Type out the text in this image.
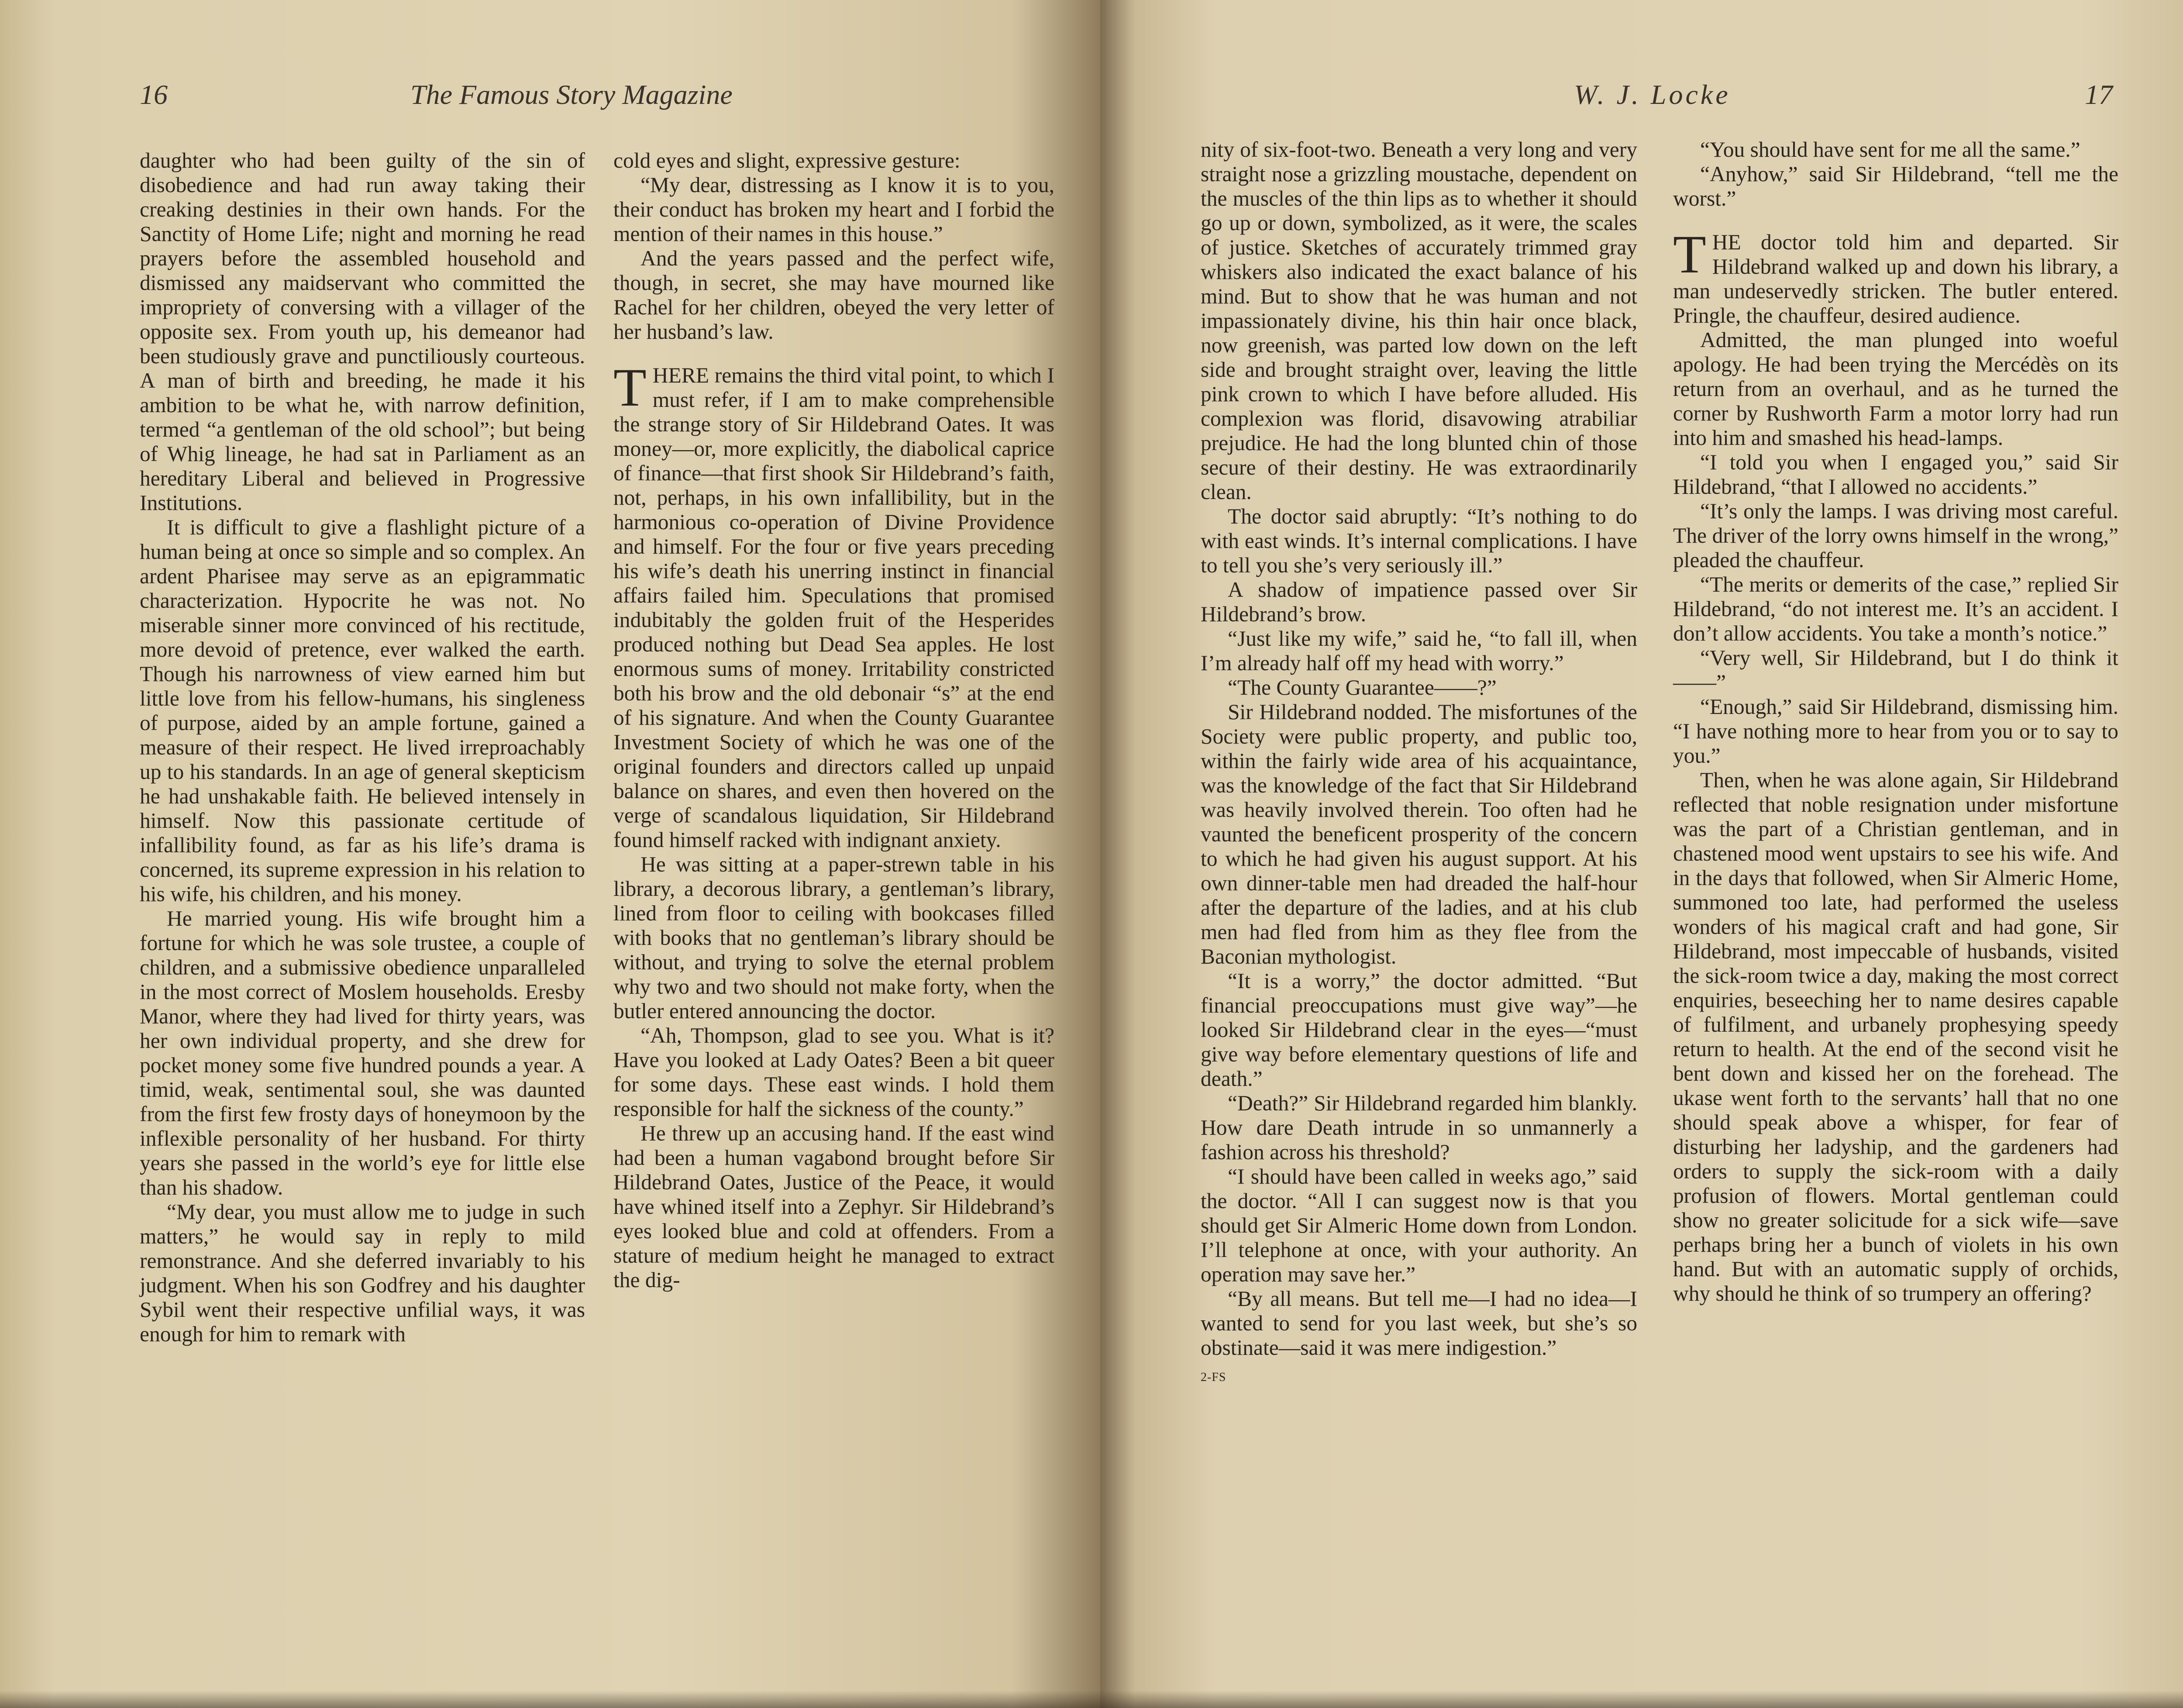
16	The Famous Story Magazine

daughter who had been guilty of the sin of disobedience and had run away taking their creaking destinies in their own hands. For the Sanctity of Home Life; night and morning he read prayers before the assembled household and dismissed any maidservant who committed the impropriety of conversing with a villager of the opposite sex. From youth up, his demeanor had been studiously grave and punctiliously courteous. A man of birth and breeding, he made it his ambition to be what he, with narrow definition, termed “a gentleman of the old school”; but being of Whig lineage, he had sat in Parliament as an hereditary Liberal and believed in Progressive Institutions.

It is difficult to give a flashlight picture of a human being at once so simple and so complex. An ardent Pharisee may serve as an epigrammatic characterization. Hypocrite he was not. No miserable sinner more convinced of his rectitude, more devoid of pretence, ever walked the earth. Though his narrowness of view earned him but little love from his fellow-humans, his singleness of purpose, aided by an ample fortune, gained a measure of their respect. He lived irreproachably up to his standards. In an age of general skepticism he had unshakable faith. He believed intensely in himself. Now this passionate certitude of infallibility found, as far as his life’s drama is concerned, its supreme expression in his relation to his wife, his children, and his money.

He married young. His wife brought him a fortune for which he was sole trustee, a couple of children, and a submissive obedience unparalleled in the most correct of Moslem households. Eresby Manor, where they had lived for thirty years, was her own individual property, and she drew for pocket money some five hundred pounds a year. A timid, weak, sentimental soul, she was daunted from the first few frosty days of honeymoon by the inflexible personality of her husband. For thirty years she passed in the world’s eye for little else than his shadow.

“My dear, you must allow me to judge in such matters,” he would say in reply to mild remonstrance. And she deferred invariably to his judgment. When his son Godfrey and his daughter Sybil went their respective unfilial ways, it was enough for him to remark with

cold eyes and slight, expressive gesture:

“My dear, distressing as I know it is to you, their conduct has broken my heart and I forbid the mention of their names in this house.”

And the years passed and the perfect wife, though, in secret, she may have mourned like Rachel for her children, obeyed the very letter of her husband’s law.

THERE remains the third vital point, to which I must refer, if I am to make comprehensible the strange story of Sir Hildebrand Oates. It was money—or, more explicitly, the diabolical caprice of finance—that first shook Sir Hildebrand’s faith, not, perhaps, in his own infallibility, but in the harmonious co-operation of Divine Providence and himself. For the four or five years preceding his wife’s death his unerring instinct in financial affairs failed him. Speculations that promised indubitably the golden fruit of the Hesperides produced nothing but Dead Sea apples. He lost enormous sums of money. Irritability constricted both his brow and the old debonair “s” at the end of his signature. And when the County Guarantee Investment Society of which he was one of the original founders and directors called up unpaid balance on shares, and even then hovered on the verge of scandalous liquidation, Sir Hildebrand found himself racked with indignant anxiety.

He was sitting at a paper-strewn table in his library, a decorous library, a gentleman’s library, lined from floor to ceiling with bookcases filled with books that no gentleman’s library should be without, and trying to solve the eternal problem why two and two should not make forty, when the butler entered announcing the doctor.

“Ah, Thompson, glad to see you. What is it? Have you looked at Lady Oates? Been a bit queer for some days. These east winds. I hold them responsible for half the sickness of the county.”

He threw up an accusing hand. If the east wind had been a human vagabond brought before Sir Hildebrand Oates, Justice of the Peace, it would have whined itself into a Zephyr. Sir Hildebrand’s eyes looked blue and cold at offenders. From a stature of medium height he managed to extract the dig-

W. J. Locke	17

nity of six-foot-two. Beneath a very long and very straight nose a grizzling moustache, dependent on the muscles of the thin lips as to whether it should go up or down, symbolized, as it were, the scales of justice. Sketches of accurately trimmed gray whiskers also indicated the exact balance of his mind. But to show that he was human and not impassionately divine, his thin hair once black, now greenish, was parted low down on the left side and brought straight over, leaving the little pink crown to which I have before alluded. His complexion was florid, disavowing atrabiliar prejudice. He had the long blunted chin of those secure of their destiny. He was extraordinarily clean.

The doctor said abruptly: “It’s nothing to do with east winds. It’s internal complications. I have to tell you she’s very seriously ill.”

A shadow of impatience passed over Sir Hildebrand’s brow.

“Just like my wife,” said he, “to fall ill, when I’m already half off my head with worry.”

“The County Guarantee——?”

Sir Hildebrand nodded. The misfortunes of the Society were public property, and public too, within the fairly wide area of his acquaintance, was the knowledge of the fact that Sir Hildebrand was heavily involved therein. Too often had he vaunted the beneficent prosperity of the concern to which he had given his august support. At his own dinner-table men had dreaded the half-hour after the departure of the ladies, and at his club men had fled from him as they flee from the Baconian mythologist.

“It is a worry,” the doctor admitted. “But financial preoccupations must give way”—he looked Sir Hildebrand clear in the eyes—“must give way before elementary questions of life and death.”

“Death?” Sir Hildebrand regarded him blankly. How dare Death intrude in so unmannerly a fashion across his threshold?

“I should have been called in weeks ago,” said the doctor. “All I can suggest now is that you should get Sir Almeric Home down from London. I’ll telephone at once, with your authority. An operation may save her.”

“By all means. But tell me—I had no idea—I wanted to send for you last week, but she’s so obstinate—said it was mere indigestion.”

2-FS

“You should have sent for me all the same.”

“Anyhow,” said Sir Hildebrand, “tell me the worst.”

THE doctor told him and departed. Sir Hildebrand walked up and down his library, a man undeservedly stricken. The butler entered. Pringle, the chauffeur, desired audience.

Admitted, the man plunged into woeful apology. He had been trying the Mercédès on its return from an overhaul, and as he turned the corner by Rushworth Farm a motor lorry had run into him and smashed his head-lamps.

“I told you when I engaged you,” said Sir Hildebrand, “that I allowed no accidents.”

“It’s only the lamps. I was driving most careful. The driver of the lorry owns himself in the wrong,” pleaded the chauffeur.

“The merits or demerits of the case,” replied Sir Hildebrand, “do not interest me. It’s an accident. I don’t allow accidents. You take a month’s notice.”

“Very well, Sir Hildebrand, but I do think it——”

“Enough,” said Sir Hildebrand, dismissing him. “I have nothing more to hear from you or to say to you.”

Then, when he was alone again, Sir Hildebrand reflected that noble resignation under misfortune was the part of a Christian gentleman, and in chastened mood went upstairs to see his wife. And in the days that followed, when Sir Almeric Home, summoned too late, had performed the useless wonders of his magical craft and had gone, Sir Hildebrand, most impeccable of husbands, visited the sick-room twice a day, making the most correct enquiries, beseeching her to name desires capable of fulfilment, and urbanely prophesying speedy return to health. At the end of the second visit he bent down and kissed her on the forehead. The ukase went forth to the servants’ hall that no one should speak above a whisper, for fear of disturbing her ladyship, and the gardeners had orders to supply the sick-room with a daily profusion of flowers. Mortal gentleman could show no greater solicitude for a sick wife—save perhaps bring her a bunch of violets in his own hand. But with an automatic supply of orchids, why should he think of so trumpery an offering?
